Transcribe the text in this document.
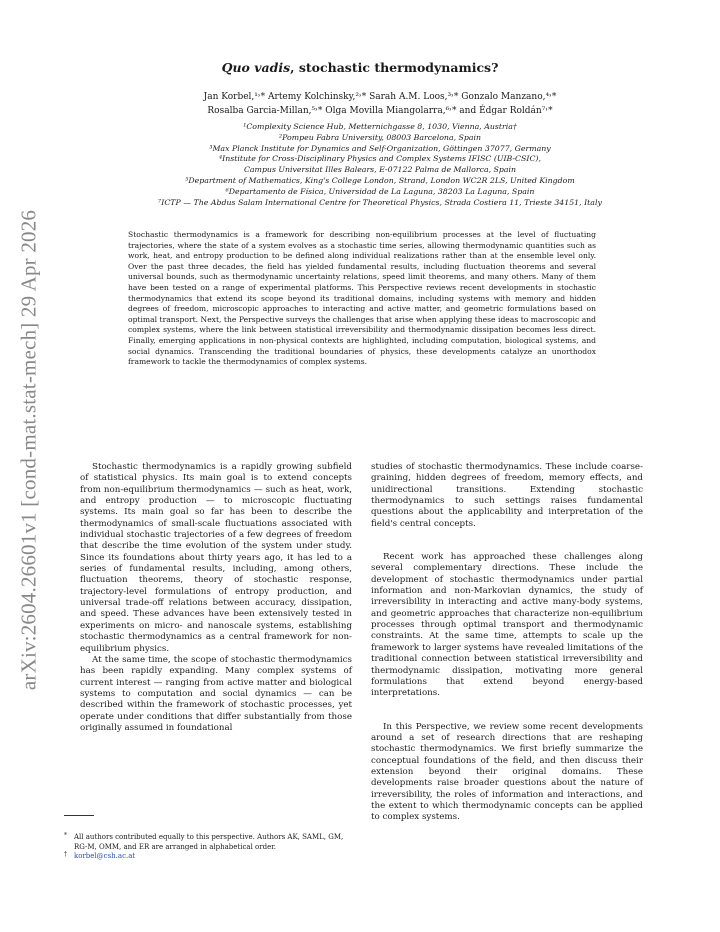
arXiv:2604.26601v1 [cond-mat.stat-mech] 29 Apr 2026
Quo vadis, stochastic thermodynamics?
Jan Korbel,¹˒* Artemy Kolchinsky,²˒* Sarah A.M. Loos,³˒* Gonzalo Manzano,⁴˒*
Rosalba Garcia-Millan,⁵˒* Olga Movilla Miangolarra,⁶˒* and Édgar Roldán⁷˒*
¹Complexity Science Hub, Metternichgasse 8, 1030, Vienna, Austria†
²Pompeu Fabra University, 08003 Barcelona, Spain
³Max Planck Institute for Dynamics and Self-Organization, Göttingen 37077, Germany
⁴Institute for Cross-Disciplinary Physics and Complex Systems IFISC (UIB-CSIC),
Campus Universitat Illes Balears, E-07122 Palma de Mallorca, Spain
⁵Department of Mathematics, King's College London, Strand, London WC2R 2LS, United Kingdom
⁶Departamento de Física, Universidad de La Laguna, 38203 La Laguna, Spain
⁷ICTP — The Abdus Salam International Centre for Theoretical Physics, Strada Costiera 11, Trieste 34151, Italy
Stochastic thermodynamics is a framework for describing non-equilibrium processes at the level of fluctuating trajectories, where the state of a system evolves as a stochastic time series, allowing thermodynamic quantities such as work, heat, and entropy production to be defined along individual realizations rather than at the ensemble level only. Over the past three decades, the field has yielded fundamental results, including fluctuation theorems and several universal bounds, such as thermodynamic uncertainty relations, speed limit theorems, and many others. Many of them have been tested on a range of experimental platforms. This Perspective reviews recent developments in stochastic thermodynamics that extend its scope beyond its traditional domains, including systems with memory and hidden degrees of freedom, microscopic approaches to interacting and active matter, and geometric formulations based on optimal transport. Next, the Perspective surveys the challenges that arise when applying these ideas to macroscopic and complex systems, where the link between statistical irreversibility and thermodynamic dissipation becomes less direct. Finally, emerging applications in non-physical contexts are highlighted, including computation, biological systems, and social dynamics. Transcending the traditional boundaries of physics, these developments catalyze an unorthodox framework to tackle the thermodynamics of complex systems.

Stochastic thermodynamics is a rapidly growing subfield of statistical physics. Its main goal is to extend concepts from non-equilibrium thermodynamics — such as heat, work, and entropy production — to microscopic fluctuating systems. Its main goal so far has been to describe the thermodynamics of small-scale fluctuations associated with individual stochastic trajectories of a few degrees of freedom that describe the time evolution of the system under study. Since its foundations about thirty years ago, it has led to a series of fundamental results, including, among others, fluctuation theorems, theory of stochastic response, trajectory-level formulations of entropy production, and universal trade-off relations between accuracy, dissipation, and speed. These advances have been extensively tested in experiments on micro- and nanoscale systems, establishing stochastic thermodynamics as a central framework for non-equilibrium physics.

At the same time, the scope of stochastic thermodynamics has been rapidly expanding. Many complex systems of current interest — ranging from active matter and biological systems to computation and social dynamics — can be described within the framework of stochastic processes, yet operate under conditions that differ substantially from those originally assumed in foundational

studies of stochastic thermodynamics. These include coarse-graining, hidden degrees of freedom, memory effects, and unidirectional transitions. Extending stochastic thermodynamics to such settings raises fundamental questions about the applicability and interpretation of the field's central concepts.

Recent work has approached these challenges along several complementary directions. These include the development of stochastic thermodynamics under partial information and non-Markovian dynamics, the study of irreversibility in interacting and active many-body systems, and geometric approaches that characterize non-equilibrium processes through optimal transport and thermodynamic constraints. At the same time, attempts to scale up the framework to larger systems have revealed limitations of the traditional connection between statistical irreversibility and thermodynamic dissipation, motivating more general formulations that extend beyond energy-based interpretations.

In this Perspective, we review some recent developments around a set of research directions that are reshaping stochastic thermodynamics. We first briefly summarize the conceptual foundations of the field, and then discuss their extension beyond their original domains. These developments raise broader questions about the nature of irreversibility, the roles of information and interactions, and the extent to which thermodynamic concepts can be applied to complex systems.

* All authors contributed equally to this perspective. Authors AK, SAML, GM, RG-M, OMM, and ER are arranged in alphabetical order.
† korbel@csh.ac.at
